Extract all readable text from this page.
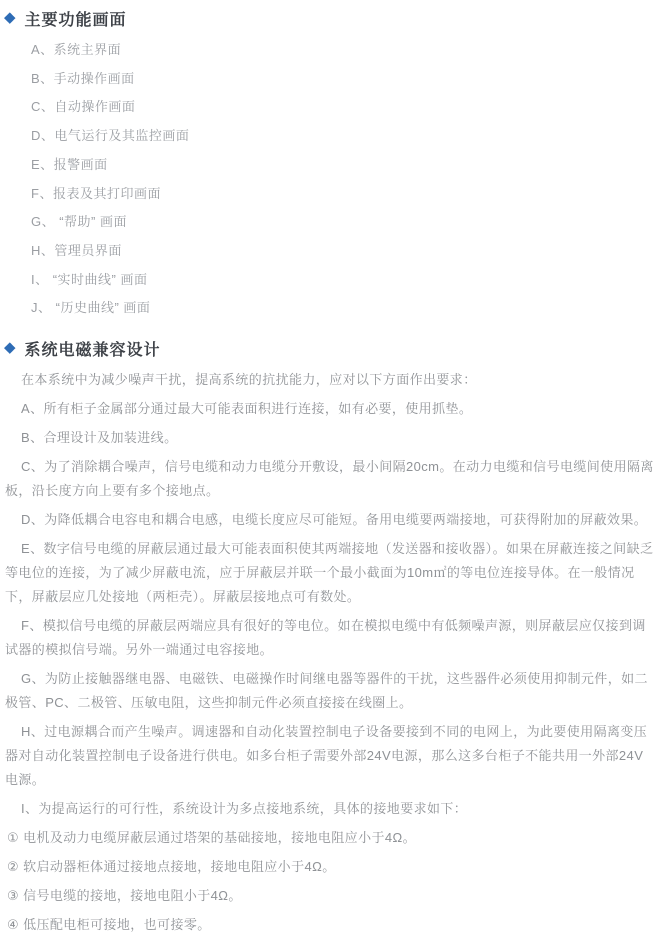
◆ 主要功能画面

A、系统主界面

B、手动操作画面

C、自动操作画面

D、电气运行及其监控画面

E、报警画面

F、报表及其打印画面

G、 “帮助” 画面

H、管理员界面

I、 “实时曲线” 画面

J、 “历史曲线” 画面

◆ 系统电磁兼容设计

在本系统中为减少噪声干扰，提高系统的抗扰能力，应对以下方面作出要求：

A、所有柜子金属部分通过最大可能表面积进行连接，如有必要，使用抓垫。

B、合理设计及加装进线。

C、为了消除耦合噪声，信号电缆和动力电缆分开敷设，最小间隔20cm。在动力电缆和信号电缆间使用隔离板，沿长度方向上要有多个接地点。

D、为降低耦合电容电和耦合电感，电缆长度应尽可能短。备用电缆要两端接地，可获得附加的屏蔽效果。

E、数字信号电缆的屏蔽层通过最大可能表面积使其两端接地（发送器和接收器）。如果在屏蔽连接之间缺乏等电位的连接，为了减少屏蔽电流，应于屏蔽层并联一个最小截面为10m㎡的等电位连接导体。在一般情况下，屏蔽层应几处接地（两柜壳）。屏蔽层接地点可有数处。

F、模拟信号电缆的屏蔽层两端应具有很好的等电位。如在模拟电缆中有低频噪声源，则屏蔽层应仅接到调试器的模拟信号端。另外一端通过电容接地。

G、为防止接触器继电器、电磁铁、电磁操作时间继电器等器件的干扰，这些器件必须使用抑制元件，如二极管、PC、二极管、压敏电阻，这些抑制元件必须直接接在线圈上。

H、过电源耦合而产生噪声。调速器和自动化装置控制电子设备要接到不同的电网上，为此要使用隔离变压器对自动化装置控制电子设备进行供电。如多台柜子需要外部24V电源，那么这多台柜子不能共用一外部24V电源。

I、为提高运行的可行性，系统设计为多点接地系统，具体的接地要求如下：

① 电机及动力电缆屏蔽层通过塔架的基础接地，接地电阻应小于4Ω。

② 软启动器柜体通过接地点接地，接地电阻应小于4Ω。

③ 信号电缆的接地，接地电阻小于4Ω。

④ 低压配电柜可接地，也可接零。
